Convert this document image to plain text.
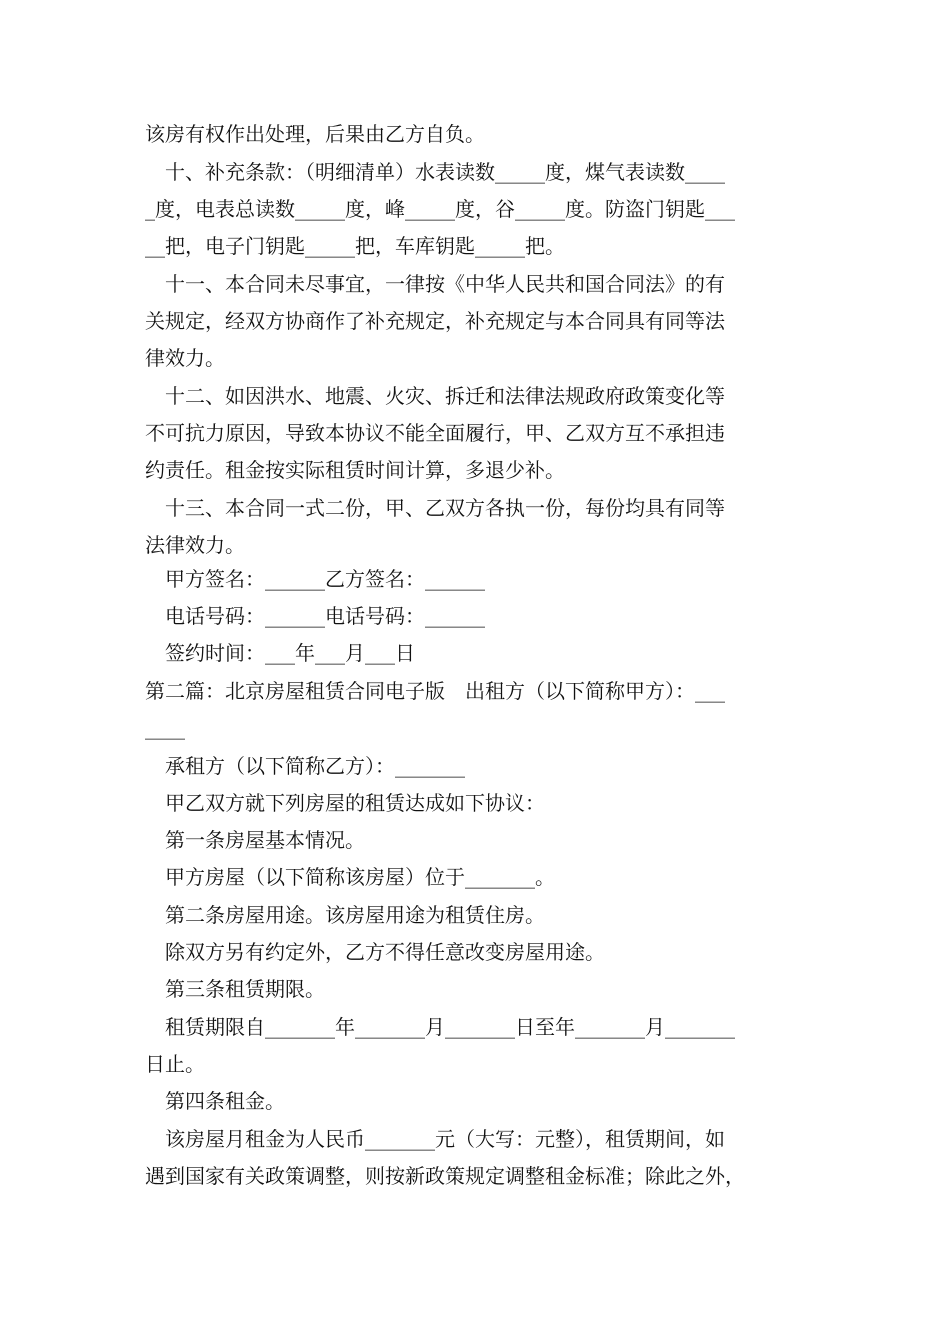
该房有权作出处理，后果由乙方自负。
十、补充条款：（明细清单）水表读数_____度，煤气表读数____
_度，电表总读数_____度，峰_____度，谷_____度。防盗门钥匙___
__把，电子门钥匙_____把，车库钥匙_____把。
十一、本合同未尽事宜，一律按《中华人民共和国合同法》的有
关规定，经双方协商作了补充规定，补充规定与本合同具有同等法
律效力。
十二、如因洪水、地震、火灾、拆迁和法律法规政府政策变化等
不可抗力原因，导致本协议不能全面履行，甲、乙双方互不承担违
约责任。租金按实际租赁时间计算，多退少补。
十三、本合同一式二份，甲、乙双方各执一份，每份均具有同等
法律效力。
甲方签名：______乙方签名：______
电话号码：______电话号码：______
签约时间：___年___月___日
第二篇：北京房屋租赁合同电子版　出租方（以下简称甲方）：___
____
承租方（以下简称乙方）：_______
甲乙双方就下列房屋的租赁达成如下协议：
第一条房屋基本情况。
甲方房屋（以下简称该房屋）位于_______。
第二条房屋用途。该房屋用途为租赁住房。
除双方另有约定外，乙方不得任意改变房屋用途。
第三条租赁期限。
租赁期限自_______年_______月_______日至年_______月_______
日止。
第四条租金。
该房屋月租金为人民币_______元（大写：元整），租赁期间，如
遇到国家有关政策调整，则按新政策规定调整租金标准；除此之外，
